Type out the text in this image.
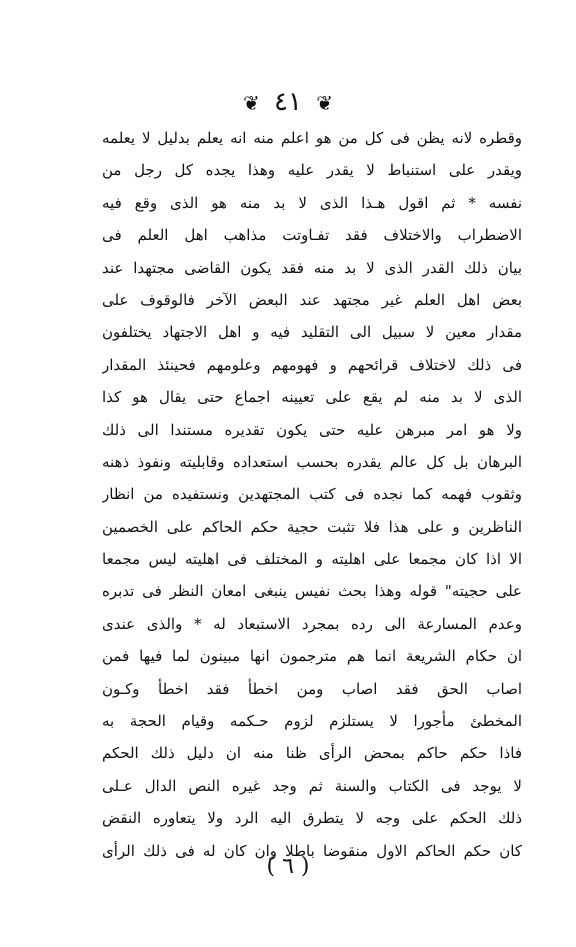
❦ ٤١ ❦
وقطره لانه يظن فى كل من هو اعلم منه انه يعلم بدليل لا يعلمه
ويقدر على استنباط لا يقدر عليه وهذا يجده كل رجل من
نفسه * ثم اقول هـذا الذى لا بد منه هو الذى وقع فيه
الاضطراب والاختلاف فقد تفـاوتت مذاهب اهل العلم فى
بيان ذلك القدر الذى لا بد منه فقد يكون القاضى مجتهدا عند
بعض اهل العلم غير مجتهد عند البعض الآخر فالوقوف على
مقدار معين لا سبيل الى التقليد فيه و اهل الاجتهاد يختلفون
فى ذلك لاختلاف قرائحهم و فهومهم وعلومهم فحينئذ المقدار
الذى لا بد منه لم يقع على تعيينه اجماع حتى يقال هو كذا
ولا هو امر مبرهن عليه حتى يكون تقديره مستندا الى ذلك
البرهان بل كل عالم يقدره بحسب استعداده وقابليته ونفوذ ذهنه
وثقوب فهمه كما نجده فى كتب المجتهدين ونستفيده من انظار
الناظرين و على هذا فلا تثبت حجية حكم الحاكم على الخصمين
الا اذا كان مجمعا على اهليته و المختلف فى اهليته ليس مجمعا
على حجيته" قوله وهذا بحث نفيس ينبغى امعان النظر فى تدبره
وعدم المسارعة الى رده بمجرد الاستبعاد له * والذى عندى
ان حكام الشريعة انما هم مترجمون انها مبينون لما فيها فمن
اصاب الحق فقد اصاب ومن اخطأ فقد اخطأ وكـون
المخطئ مأجورا لا يستلزم لزوم حـكمه وقيام الحجة به
فاذا حكم حاكم بمحض الرأى ظنا منه ان دليل ذلك الحكم
لا يوجد فى الكتاب والسنة ثم وجد غيره النص الدال عـلى
ذلك الحكم على وجه لا يتطرق اليه الرد ولا يتعاوره النقض
كان حكم الحاكم الاول منقوضا باطلا وان كان له فى ذلك الرأى
( ٦ )
